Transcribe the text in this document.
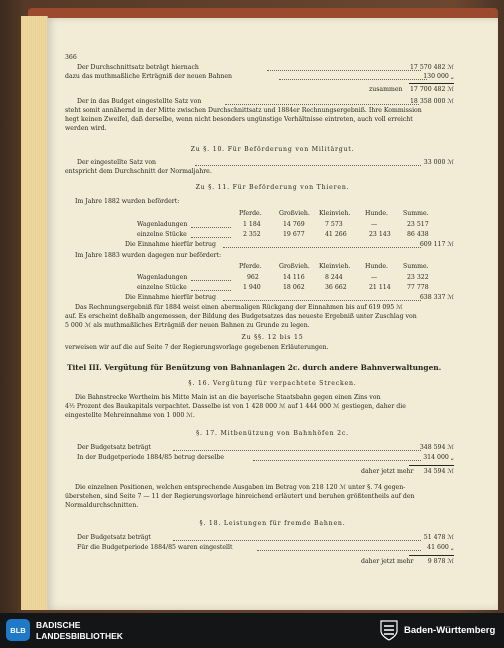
366
Der Durchschnittsatz beträgt hiernach	17 570 482 ℳ
dazu das muthmaßliche Erträgniß der neuen Bahnen	130 000 „
zusammen 17 700 482 ℳ
Der in das Budget eingestellte Satz von	18 358 000 ℳ
steht somit annähernd in der Mitte zwischen Durchschnittsatz und 1884er Rechnungsergebniß. Ihre Kommission
hegt keinen Zweifel, daß derselbe, wenn nicht besonders ungünstige Verhältnisse eintreten, auch voll erreicht
werden wird.
Zu §. 10. Für Beförderung von Militärgut.
Der eingestellte Satz von	33 000 ℳ
entspricht dem Durchschnitt der Normaljahre.
Zu §. 11. Für Beförderung von Thieren.
Im Jahre 1882 wurden befördert:
Pferde.	Großvieh. Kleinvieh. Hunde. Summe.
Wagenladungen	1 184	14 769	7 573	—	23 517
einzelne Stücke	2 352	19 677	41 266	23 143	86 438
Die Einnahme hierfür betrug	609 117 ℳ
Im Jahre 1883 wurden dagegen nur befördert:
Pferde.	Großvieh. Kleinvieh. Hunde. Summe.
Wagenladungen	962	14 116	8 244	—	23 322
einzelne Stücke	1 940	18 062	36 662	21 114	77 778
Die Einnahme hierfür betrug	638 337 ℳ
Das Rechnungsergebniß für 1884 weist einen abermaligen Rückgang der Einnahmen bis auf 619 095 ℳ
auf. Es erscheint deßhalb angemessen, der Bildung des Budgetsatzes das neueste Ergebniß unter Zuschlag von
5 000 ℳ als muthmaßliches Erträgniß der neuen Bahnen zu Grunde zu legen.
Zu §§. 12 bis 15
verweisen wir auf die auf Seite 7 der Regierungsvorlage gegebenen Erläuterungen.
Titel III. Vergütung für Benützung von Bahnanlagen 2c. durch andere Bahnverwaltungen.
§. 16. Vergütung für verpachtete Strecken.
Die Bahnstrecke Wertheim bis Mitte Main ist an die bayerische Staatsbahn gegen einen Zins von
4½ Prozent des Baukapitals verpachtet. Dasselbe ist von 1 428 000 ℳ auf 1 444 000 ℳ gestiegen, daher die
eingestellte Mehreinnahme von 1 000 ℳ.
§. 17. Mitbenützung von Bahnhöfen 2c.
Der Budgetsatz beträgt	348 594 ℳ
In der Budgetperiode 1884/85 betrug derselbe	314 000 „
daher jetzt mehr 34 594 ℳ
Die einzelnen Positionen, welchen entsprechende Ausgaben im Betrag von 218 120 ℳ unter §. 74 gegen-
überstehen, sind Seite 7 — 11 der Regierungsvorlage hinreichend erläutert und beruhen größtentheils auf den
Normaldurchschnitten.
§. 18. Leistungen für fremde Bahnen.
Der Budgetsatz beträgt	51 478 ℳ
Für die Budgetperiode 1884/85 waren eingestellt	41 600 „
daher jetzt mehr 9 878 ℳ
BLB	BADISCHE
LANDESBIBLIOTHEK	Baden-Württemberg
